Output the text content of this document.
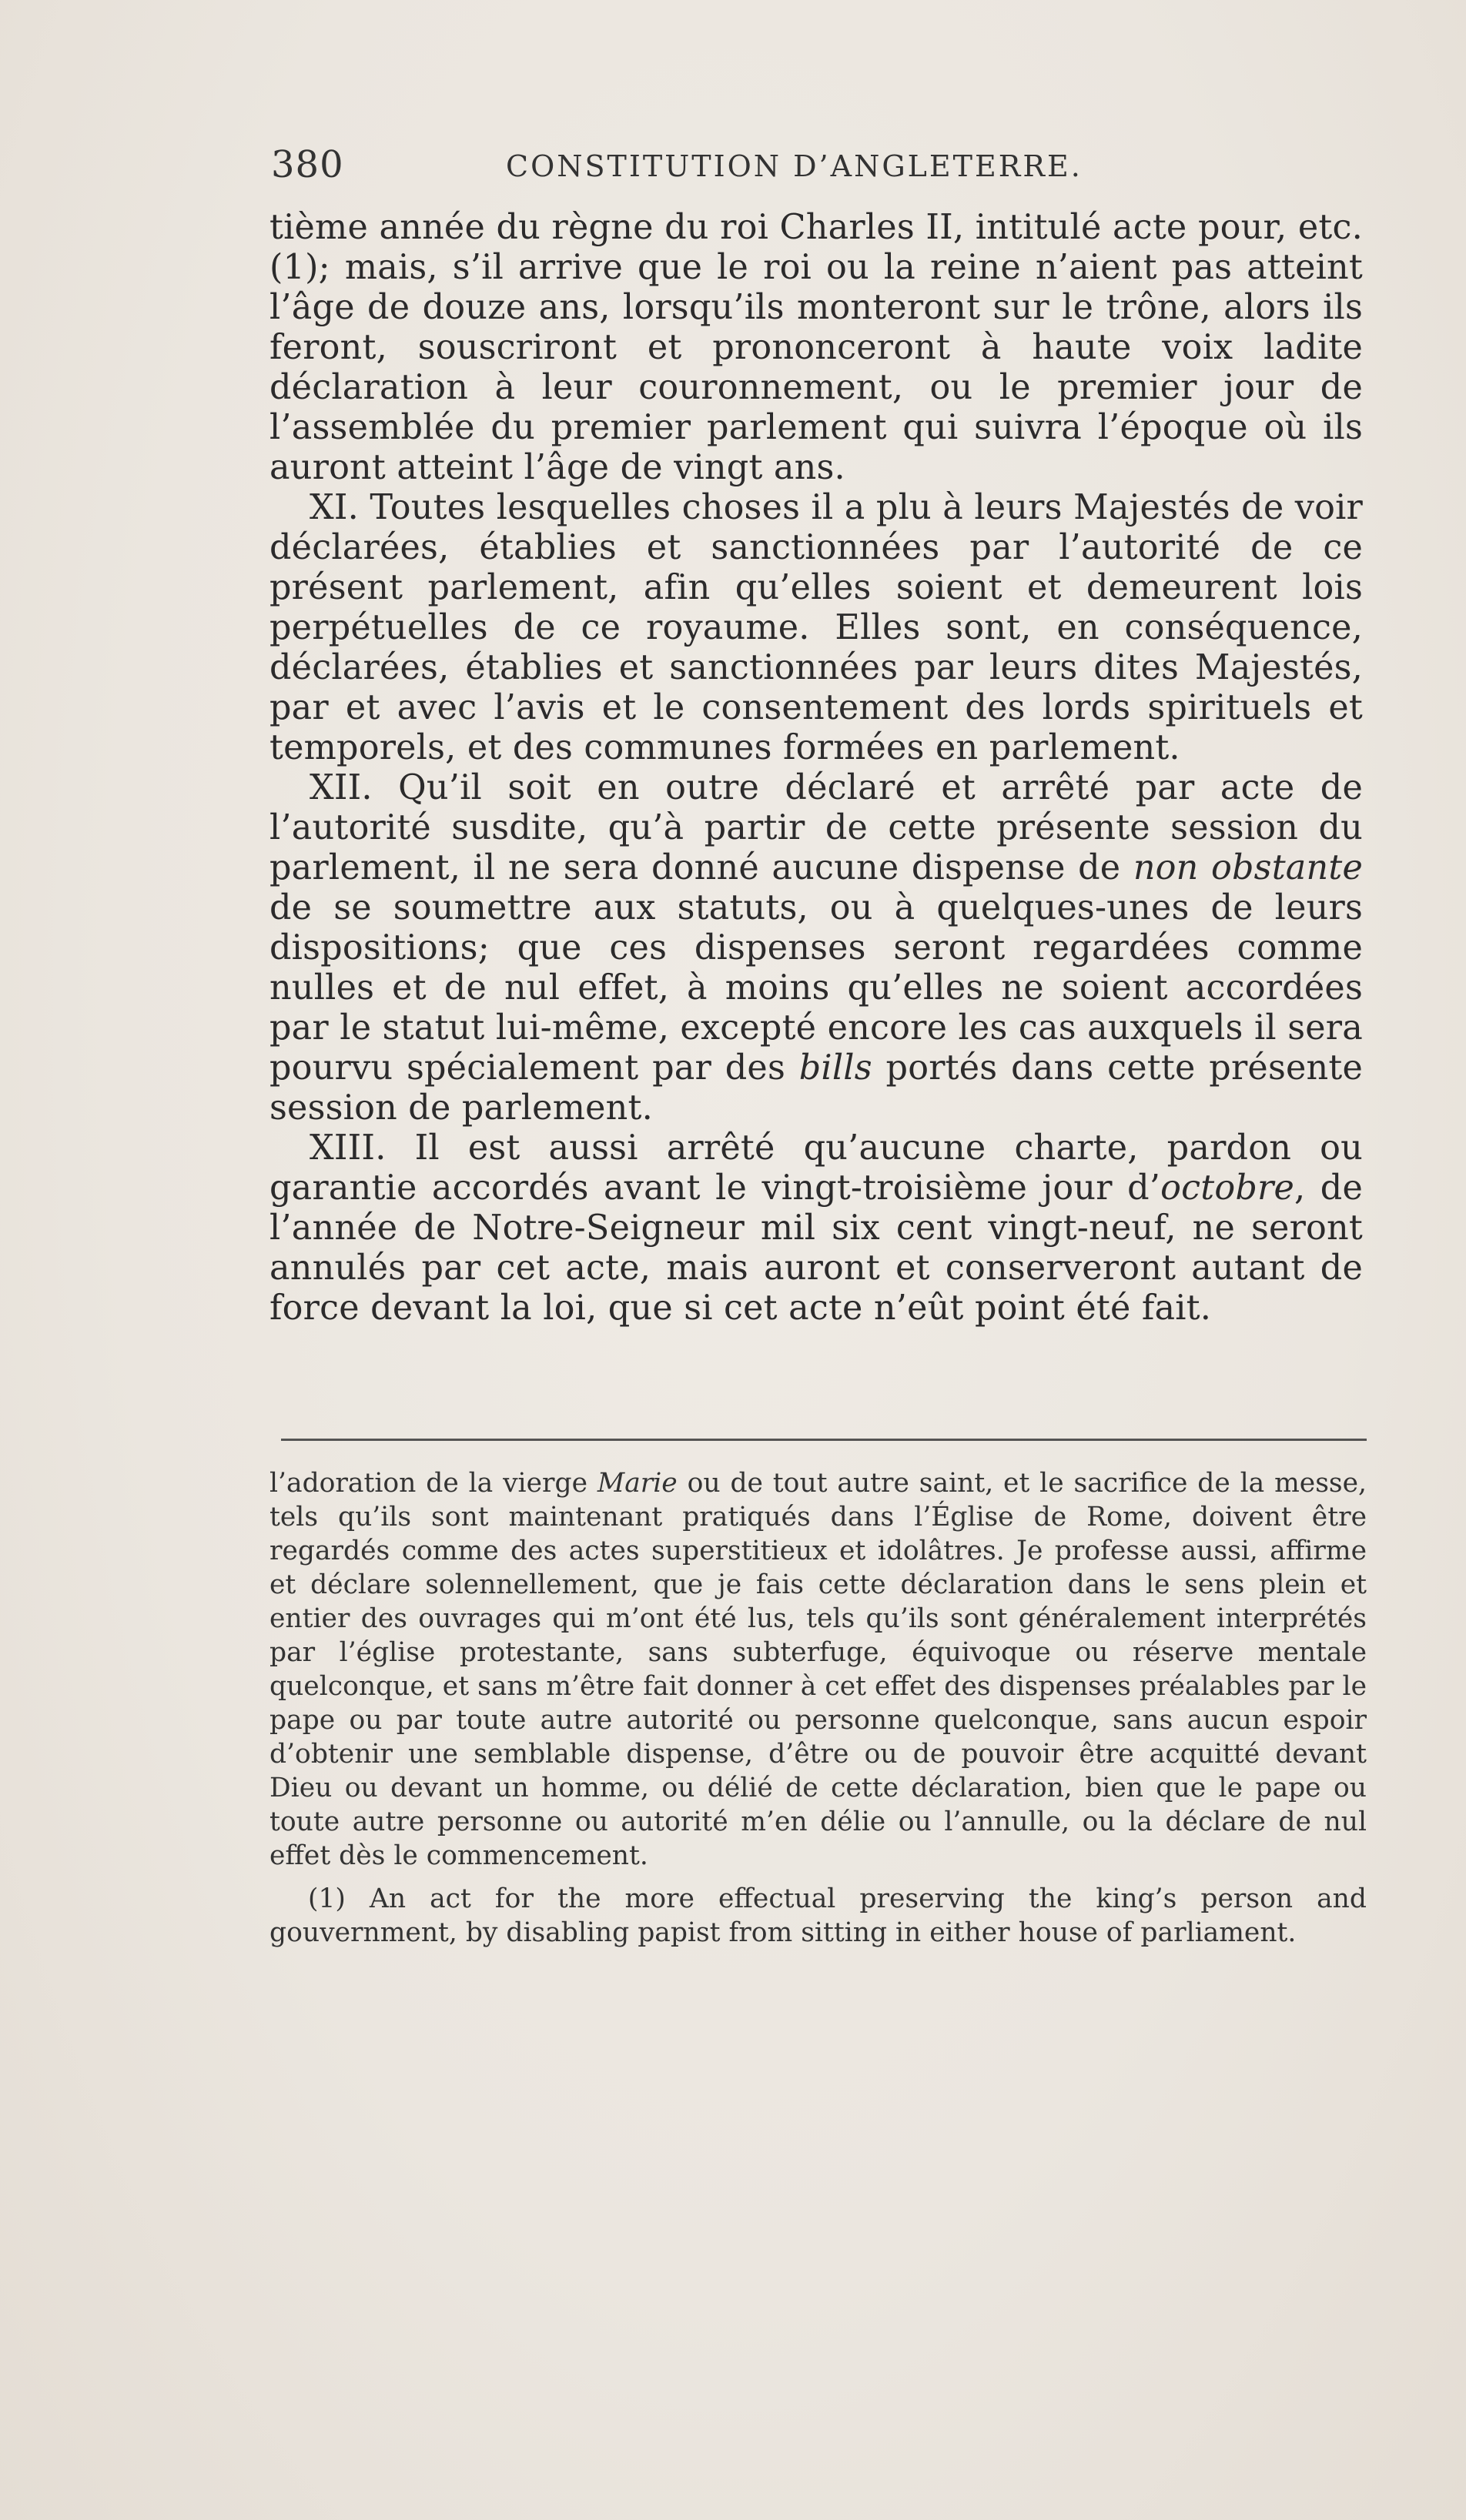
380	CONSTITUTION D’ANGLETERRE.

tième année du règne du roi Charles II, intitulé acte pour, etc. (1); mais, s’il arrive que le roi ou la reine n’aient pas atteint l’âge de douze ans, lorsqu’ils monteront sur le trône, alors ils feront, souscriront et prononceront à haute voix ladite déclaration à leur couronnement, ou le premier jour de l’assemblée du premier parlement qui suivra l’époque où ils auront atteint l’âge de vingt ans.

XI. Toutes lesquelles choses il a plu à leurs Majestés de voir déclarées, établies et sanctionnées par l’autorité de ce présent parlement, afin qu’elles soient et demeurent lois perpétuelles de ce royaume. Elles sont, en conséquence, déclarées, établies et sanctionnées par leurs dites Majestés, par et avec l’avis et le consentement des lords spirituels et temporels, et des communes formées en parlement.

XII. Qu’il soit en outre déclaré et arrêté par acte de l’autorité susdite, qu’à partir de cette présente session du parlement, il ne sera donné aucune dispense de non obstante de se soumettre aux statuts, ou à quelques-unes de leurs dispositions; que ces dispenses seront regardées comme nulles et de nul effet, à moins qu’elles ne soient accordées par le statut lui-même, excepté encore les cas auxquels il sera pourvu spécialement par des bills portés dans cette présente session de parlement.

XIII. Il est aussi arrêté qu’aucune charte, pardon ou garantie accordés avant le vingt-troisième jour d’octobre, de l’année de Notre-Seigneur mil six cent vingt-neuf, ne seront annulés par cet acte, mais auront et conserveront autant de force devant la loi, que si cet acte n’eût point été fait.

l’adoration de la vierge Marie ou de tout autre saint, et le sacrifice de la messe, tels qu’ils sont maintenant pratiqués dans l’Église de Rome, doivent être regardés comme des actes superstitieux et idolâtres. Je professe aussi, affirme et déclare solennellement, que je fais cette déclaration dans le sens plein et entier des ouvrages qui m’ont été lus, tels qu’ils sont généralement interprétés par l’église protestante, sans subterfuge, équivoque ou réserve mentale quelconque, et sans m’être fait donner à cet effet des dispenses préalables par le pape ou par toute autre autorité ou personne quelconque, sans aucun espoir d’obtenir une semblable dispense, d’être ou de pouvoir être acquitté devant Dieu ou devant un homme, ou délié de cette déclaration, bien que le pape ou toute autre personne ou autorité m’en délie ou l’annulle, ou la déclare de nul effet dès le commencement.

(1) An act for the more effectual preserving the king’s person and gouvernment, by disabling papist from sitting in either house of parliament.
